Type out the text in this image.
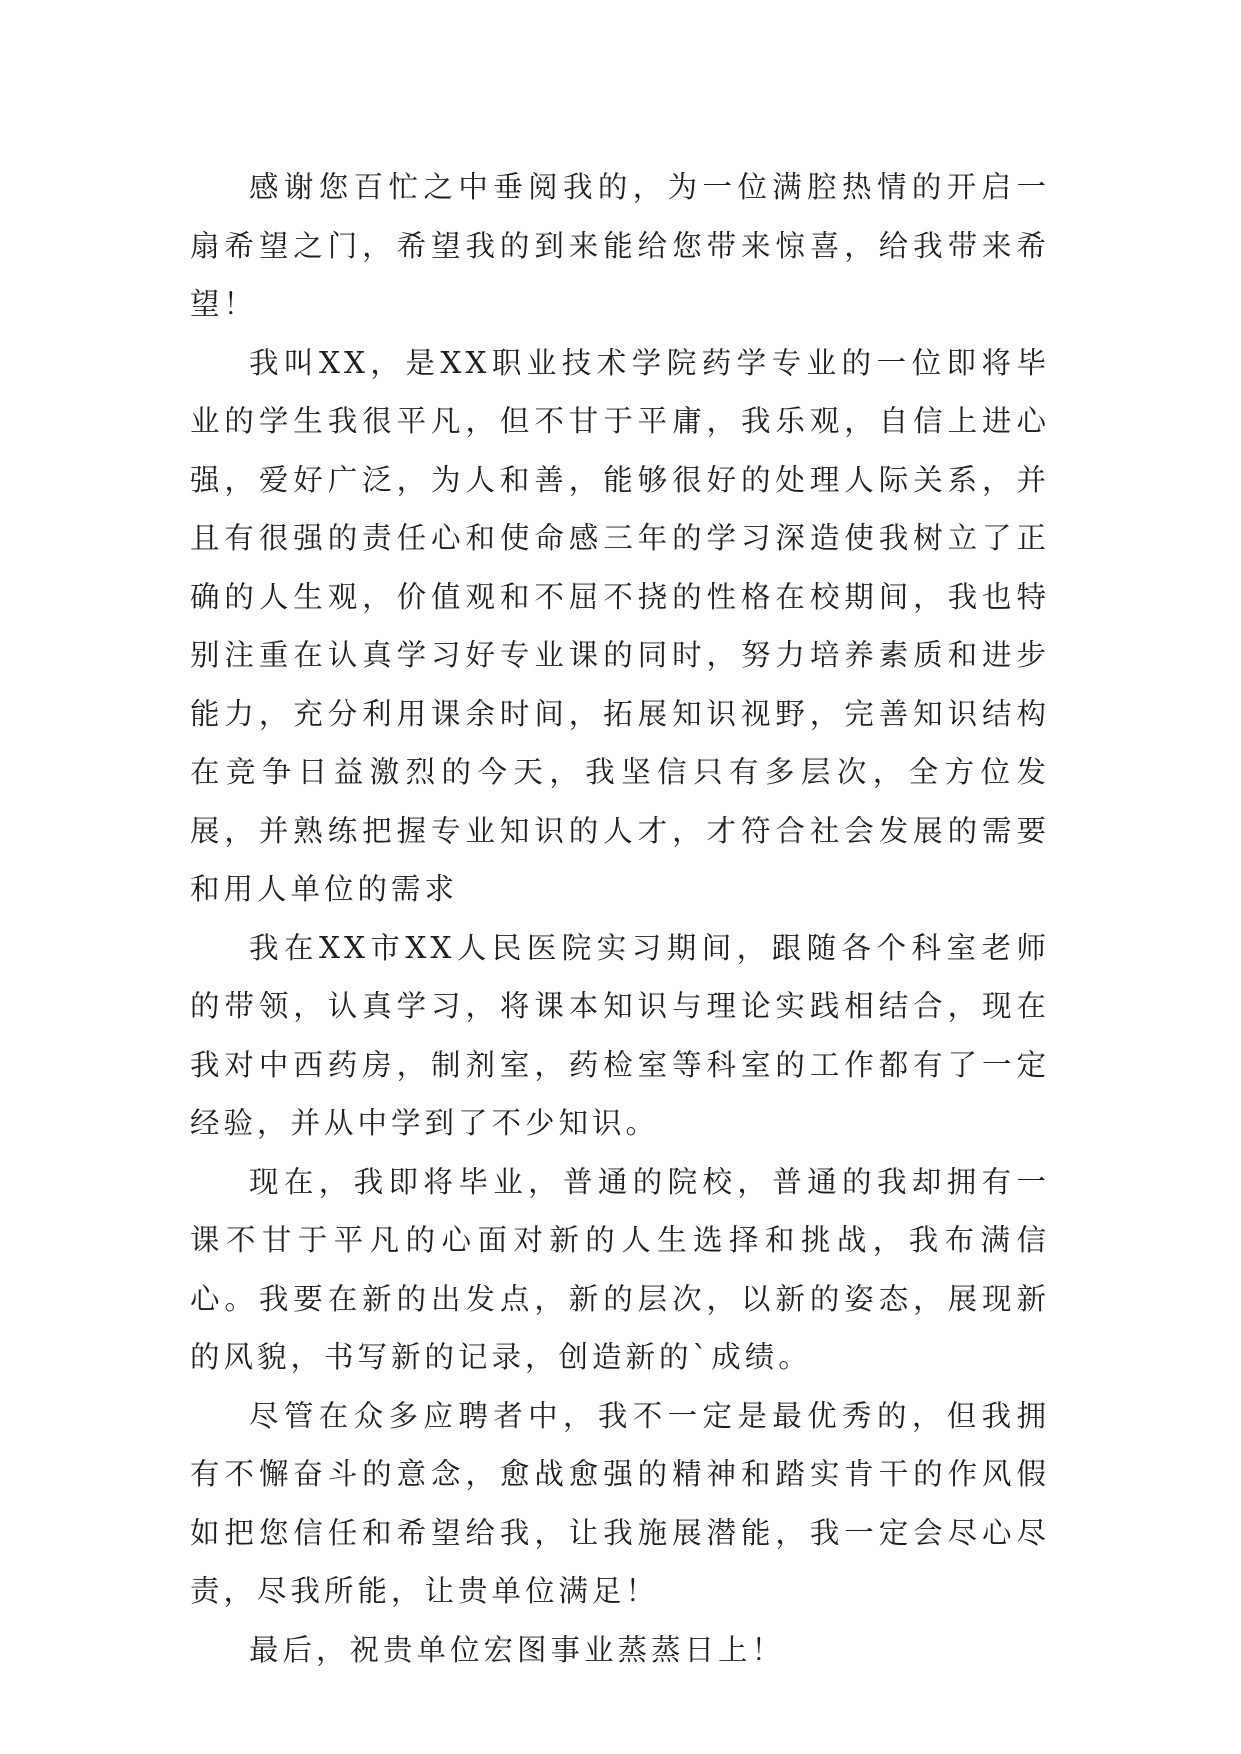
感谢您百忙之中垂阅我的，为一位满腔热情的开启一扇希望之门，希望我的到来能给您带来惊喜，给我带来希望！

我叫XX，是XX职业技术学院药学专业的一位即将毕业的学生我很平凡，但不甘于平庸，我乐观，自信上进心强，爱好广泛，为人和善，能够很好的处理人际关系，并且有很强的责任心和使命感三年的学习深造使我树立了正确的人生观，价值观和不屈不挠的性格在校期间，我也特别注重在认真学习好专业课的同时，努力培养素质和进步能力，充分利用课余时间，拓展知识视野，完善知识结构在竞争日益激烈的今天，我坚信只有多层次，全方位发展，并熟练把握专业知识的人才，才符合社会发展的需要和用人单位的需求

我在XX市XX人民医院实习期间，跟随各个科室老师的带领，认真学习，将课本知识与理论实践相结合，现在我对中西药房，制剂室，药检室等科室的工作都有了一定经验，并从中学到了不少知识。

现在，我即将毕业，普通的院校，普通的我却拥有一课不甘于平凡的心面对新的人生选择和挑战，我布满信心。我要在新的出发点，新的层次，以新的姿态，展现新的风貌，书写新的记录，创造新的`成绩。

尽管在众多应聘者中，我不一定是最优秀的，但我拥有不懈奋斗的意念，愈战愈强的精神和踏实肯干的作风假如把您信任和希望给我，让我施展潜能，我一定会尽心尽责，尽我所能，让贵单位满足！

最后，祝贵单位宏图事业蒸蒸日上！
